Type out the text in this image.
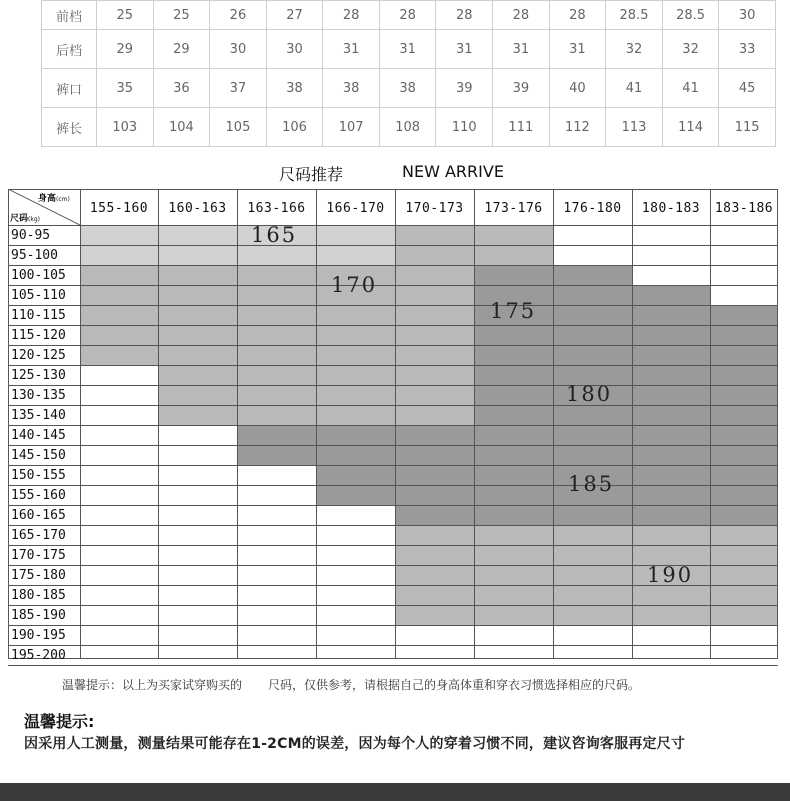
前档	25	25	26	27	28	28	28	28	28	28.5	28.5	30
后档	29	29	30	30	31	31	31	31	31	32	32	33
裤口	35	36	37	38	38	38	39	39	40	41	41	45
裤长	103	104	105	106	107	108	110	111	112	113	114	115
尺码推荐	NEW ARRIVE
身高(cm)
尺码(kg)
155-160	160-163	163-166	166-170	170-173	173-176	176-180	180-183	183-186
90-95
95-100
100-105
105-110
110-115
115-120
120-125
125-130
130-135
135-140
140-145
145-150
150-155
155-160
160-165
165-170
170-175
175-180
180-185
185-190
190-195
195-200
165
170
175
180
185
190
温馨提示：以上为买家试穿购买的 尺码，仅供参考，请根据自己的身高体重和穿衣习惯选择相应的尺码。
温馨提示:
因采用人工测量，测量结果可能存在1-2CM的误差，因为每个人的穿着习惯不同，建议咨询客服再定尺寸
